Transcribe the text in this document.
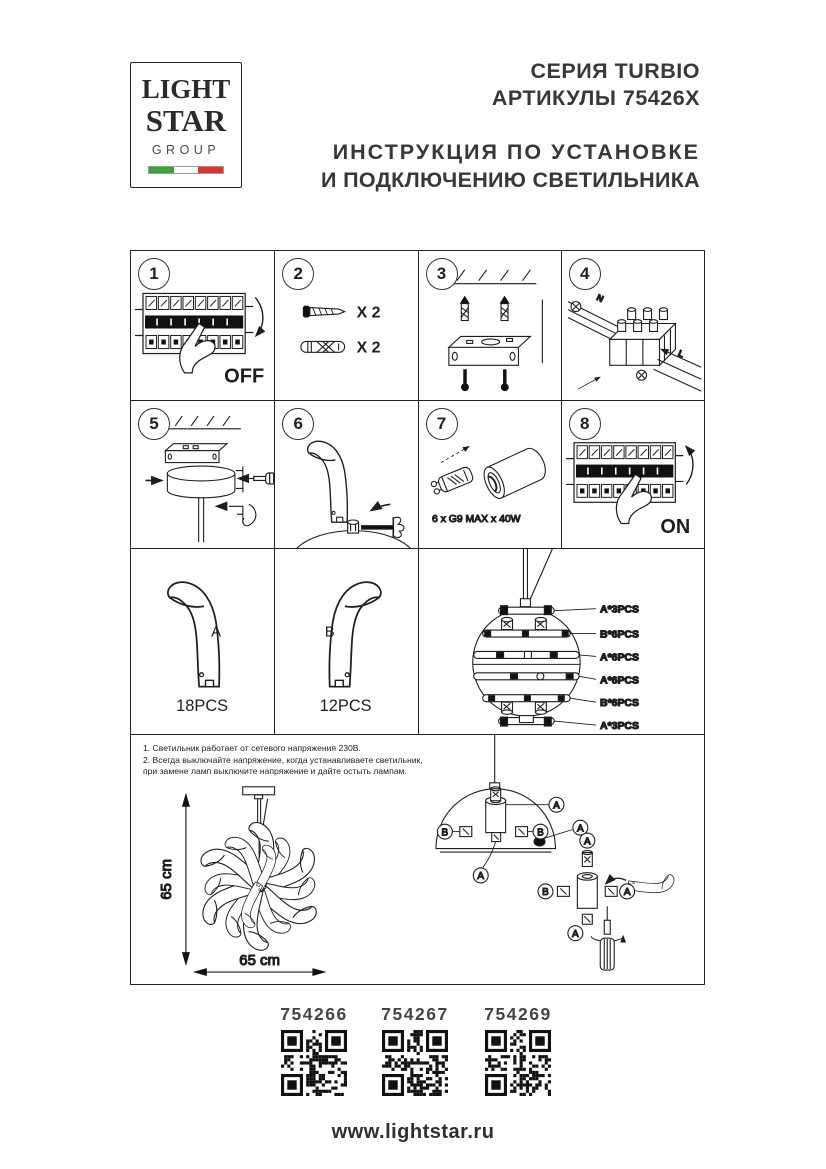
LIGHT
STAR
GROUP
СЕРИЯ TURBIO
АРТИКУЛЫ 75426X
ИНСТРУКЦИЯ ПО УСТАНОВКЕ
И ПОДКЛЮЧЕНИЮ СВЕТИЛЬНИКА
1
OFF
2
X 2
X 2
3	4
N
L
5	6	7
6 x G9 MAX x 40W
8
ON
A
18PCS
B
12PCS
A*3PCS
B*6PCS
A*6PCS
A*6PCS
B*6PCS
A*3PCS
1. Светильник работает от сетевого напряжения 230В.
2. Всегда выключайте напряжение, когда устанавливаете светильник,
при замене ламп выключите напряжение и дайте остыть лампам.
65 cm
65 cm
A
B	B	A
A
A
B	A
A
754266	754267	754269
www.lightstar.ru
